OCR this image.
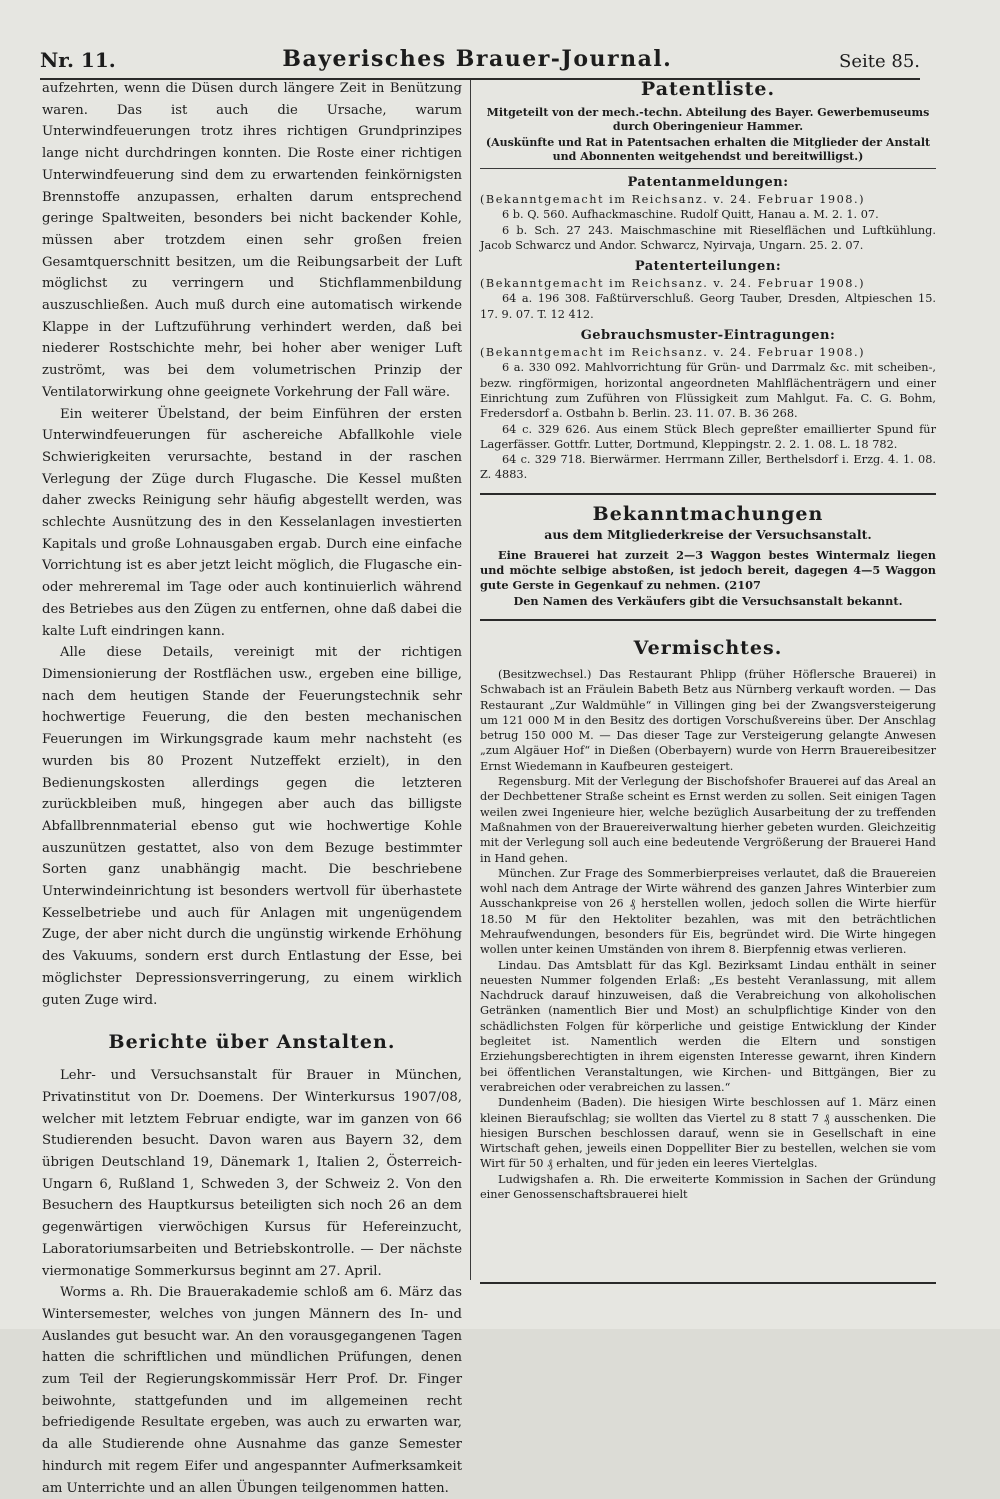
Nr. 11.	Bayerisches Brauer-Journal.	Seite 85.

aufzehrten, wenn die Düsen durch längere Zeit in Benützung waren. Das ist auch die Ursache, warum Unterwindfeuerungen trotz ihres richtigen Grundprinzipes lange nicht durchdringen konnten. Die Roste einer richtigen Unterwindfeuerung sind dem zu erwartenden feinkörnigsten Brennstoffe anzupassen, erhalten darum entsprechend geringe Spaltweiten, besonders bei nicht backender Kohle, müssen aber trotzdem einen sehr großen freien Gesamtquerschnitt besitzen, um die Reibungsarbeit der Luft möglichst zu verringern und Stichflammenbildung auszuschließen. Auch muß durch eine automatisch wirkende Klappe in der Luftzuführung verhindert werden, daß bei niederer Rostschichte mehr, bei hoher aber weniger Luft zuströmt, was bei dem volumetrischen Prinzip der Ventilatorwirkung ohne geeignete Vorkehrung der Fall wäre.

Ein weiterer Übelstand, der beim Einführen der ersten Unterwindfeuerungen für aschereiche Abfallkohle viele Schwierigkeiten verursachte, bestand in der raschen Verlegung der Züge durch Flugasche. Die Kessel mußten daher zwecks Reinigung sehr häufig abgestellt werden, was schlechte Ausnützung des in den Kesselanlagen investierten Kapitals und große Lohnausgaben ergab. Durch eine einfache Vorrichtung ist es aber jetzt leicht möglich, die Flugasche ein- oder mehreremal im Tage oder auch kontinuierlich während des Betriebes aus den Zügen zu entfernen, ohne daß dabei die kalte Luft eindringen kann.

Alle diese Details, vereinigt mit der richtigen Dimensionierung der Rostflächen usw., ergeben eine billige, nach dem heutigen Stande der Feuerungstechnik sehr hochwertige Feuerung, die den besten mechanischen Feuerungen im Wirkungsgrade kaum mehr nachsteht (es wurden bis 80 Prozent Nutzeffekt erzielt), in den Bedienungskosten allerdings gegen die letzteren zurückbleiben muß, hingegen aber auch das billigste Abfallbrennmaterial ebenso gut wie hochwertige Kohle auszunützen gestattet, also von dem Bezuge bestimmter Sorten ganz unabhängig macht. Die beschriebene Unterwindeinrichtung ist besonders wertvoll für überhastete Kesselbetriebe und auch für Anlagen mit ungenügendem Zuge, der aber nicht durch die ungünstig wirkende Erhöhung des Vakuums, sondern erst durch Entlastung der Esse, bei möglichster Depressionsverringerung, zu einem wirklich guten Zuge wird.

Berichte über Anstalten.

Lehr- und Versuchsanstalt für Brauer in München, Privatinstitut von Dr. Doemens. Der Winterkursus 1907/08, welcher mit letztem Februar endigte, war im ganzen von 66 Studierenden besucht. Davon waren aus Bayern 32, dem übrigen Deutschland 19, Dänemark 1, Italien 2, Österreich-Ungarn 6, Rußland 1, Schweden 3, der Schweiz 2. Von den Besuchern des Hauptkursus beteiligten sich noch 26 an dem gegenwärtigen vierwöchigen Kursus für Hefereinzucht, Laboratoriumsarbeiten und Betriebskontrolle. — Der nächste viermonatige Sommerkursus beginnt am 27. April.

Worms a. Rh. Die Brauerakademie schloß am 6. März das Wintersemester, welches von jungen Männern des In- und Auslandes gut besucht war. An den vorausgegangenen Tagen hatten die schriftlichen und mündlichen Prüfungen, denen zum Teil der Regierungskommissär Herr Prof. Dr. Finger beiwohnte, stattgefunden und im allgemeinen recht befriedigende Resultate ergeben, was auch zu erwarten war, da alle Studierende ohne Ausnahme das ganze Semester hindurch mit regem Eifer und angespannter Aufmerksamkeit am Unterrichte und an allen Übungen teilgenommen hatten.

Patentliste.
Mitgeteilt von der mech.-techn. Abteilung des Bayer. Gewerbemuseums durch Oberingenieur Hammer.
(Auskünfte und Rat in Patentsachen erhalten die Mitglieder der Anstalt und Abonnenten weitgehendst und bereitwilligst.)
Patentanmeldungen:

(Bekanntgemacht im Reichsanz. v. 24. Februar 1908.)

6 b. Q. 560. Aufhackmaschine. Rudolf Quitt, Hanau a. M. 2. 1. 07.

6 b. Sch. 27 243. Maischmaschine mit Rieselflächen und Luftkühlung. Jacob Schwarcz und Andor. Schwarcz, Nyirvaja, Ungarn. 25. 2. 07.

Patenterteilungen:

(Bekanntgemacht im Reichsanz. v. 24. Februar 1908.)

64 a. 196 308. Faßtürverschluß. Georg Tauber, Dresden, Altpieschen 15. 17. 9. 07. T. 12 412.

Gebrauchsmuster-Eintragungen:

(Bekanntgemacht im Reichsanz. v. 24. Februar 1908.)

6 a. 330 092. Mahlvorrichtung für Grün- und Darrmalz &c. mit scheiben-, bezw. ringförmigen, horizontal angeordneten Mahlflächenträgern und einer Einrichtung zum Zuführen von Flüssigkeit zum Mahlgut. Fa. C. G. Bohm, Fredersdorf a. Ostbahn b. Berlin. 23. 11. 07. B. 36 268.

64 c. 329 626. Aus einem Stück Blech gepreßter emaillierter Spund für Lagerfässer. Gottfr. Lutter, Dortmund, Kleppingstr. 2. 2. 1. 08. L. 18 782.

64 c. 329 718. Bierwärmer. Herrmann Ziller, Berthelsdorf i. Erzg. 4. 1. 08. Z. 4883.

Bekanntmachungen
aus dem Mitgliederkreise der Versuchsanstalt.

Eine Brauerei hat zurzeit 2—3 Waggon bestes Wintermalz liegen und möchte selbige abstoßen, ist jedoch bereit, dagegen 4—5 Waggon gute Gerste in Gegenkauf zu nehmen. (2107

Den Namen des Verkäufers gibt die Versuchsanstalt bekannt.

Vermischtes.

(Besitzwechsel.) Das Restaurant Phlipp (früher Höflersche Brauerei) in Schwabach ist an Fräulein Babeth Betz aus Nürnberg verkauft worden. — Das Restaurant „Zur Waldmühle“ in Villingen ging bei der Zwangsversteigerung um 121 000 M in den Besitz des dortigen Vorschußvereins über. Der Anschlag betrug 150 000 M. — Das dieser Tage zur Versteigerung gelangte Anwesen „zum Algäuer Hof“ in Dießen (Oberbayern) wurde von Herrn Brauereibesitzer Ernst Wiedemann in Kaufbeuren gesteigert.

Regensburg. Mit der Verlegung der Bischofshofer Brauerei auf das Areal an der Dechbettener Straße scheint es Ernst werden zu sollen. Seit einigen Tagen weilen zwei Ingenieure hier, welche bezüglich Ausarbeitung der zu treffenden Maßnahmen von der Brauereiverwaltung hierher gebeten wurden. Gleichzeitig mit der Verlegung soll auch eine bedeutende Vergrößerung der Brauerei Hand in Hand gehen.

München. Zur Frage des Sommerbierpreises verlautet, daß die Brauereien wohl nach dem Antrage der Wirte während des ganzen Jahres Winterbier zum Ausschankpreise von 26 ₰ herstellen wollen, jedoch sollen die Wirte hierfür 18.50 M für den Hektoliter bezahlen, was mit den beträchtlichen Mehraufwendungen, besonders für Eis, begründet wird. Die Wirte hingegen wollen unter keinen Umständen von ihrem 8. Bierpfennig etwas verlieren.

Lindau. Das Amtsblatt für das Kgl. Bezirksamt Lindau enthält in seiner neuesten Nummer folgenden Erlaß: „Es besteht Veranlassung, mit allem Nachdruck darauf hinzuweisen, daß die Verabreichung von alkoholischen Getränken (namentlich Bier und Most) an schulpflichtige Kinder von den schädlichsten Folgen für körperliche und geistige Entwicklung der Kinder begleitet ist. Namentlich werden die Eltern und sonstigen Erziehungsberechtigten in ihrem eigensten Interesse gewarnt, ihren Kindern bei öffentlichen Veranstaltungen, wie Kirchen- und Bittgängen, Bier zu verabreichen oder verabreichen zu lassen.“

Dundenheim (Baden). Die hiesigen Wirte beschlossen auf 1. März einen kleinen Bieraufschlag; sie wollten das Viertel zu 8 statt 7 ₰ ausschenken. Die hiesigen Burschen beschlossen darauf, wenn sie in Gesellschaft in eine Wirtschaft gehen, jeweils einen Doppelliter Bier zu bestellen, welchen sie vom Wirt für 50 ₰ erhalten, und für jeden ein leeres Viertelglas.

Ludwigshafen a. Rh. Die erweiterte Kommission in Sachen der Gründung einer Genossenschaftsbrauerei hielt
